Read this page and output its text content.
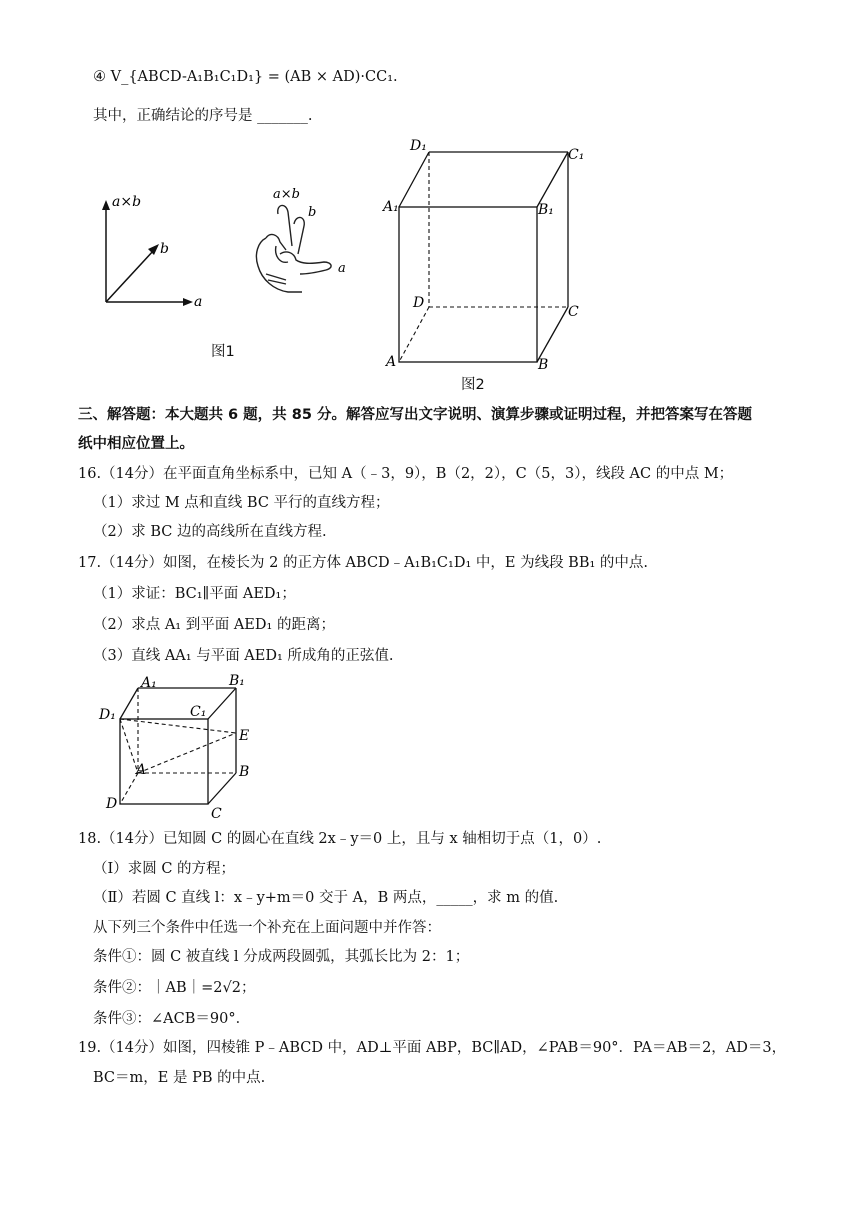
④ V_{ABCD-A₁B₁C₁D₁} = (AB × AD)·CC₁.
其中，正确结论的序号是 _______.
a×b
b
a
a×b
b
a
图1
D₁
C₁
A₁	B₁
D
C
A	B
图2
三、解答题：本大题共 6 题，共 85 分。解答应写出文字说明、演算步骤或证明过程，并把答案写在答题
纸中相应位置上。
16.（14分）在平面直角坐标系中，已知 A（﹣3，9），B（2，2），C（5，3），线段 AC 的中点 M；
（1）求过 M 点和直线 BC 平行的直线方程；
（2）求 BC 边的高线所在直线方程.
17.（14分）如图，在棱长为 2 的正方体 ABCD﹣A₁B₁C₁D₁ 中，E 为线段 BB₁ 的中点.
（1）求证：BC₁∥平面 AED₁；
（2）求点 A₁ 到平面 AED₁ 的距离；
（3）直线 AA₁ 与平面 AED₁ 所成角的正弦值.
A₁	B₁
D₁	C₁
E
A	B
D
C
18.（14分）已知圆 C 的圆心在直线 2x﹣y＝0 上，且与 x 轴相切于点（1，0）.
（Ⅰ）求圆 C 的方程；
（Ⅱ）若圆 C 直线 l：x﹣y+m＝0 交于 A，B 两点，_____，求 m 的值.
从下列三个条件中任选一个补充在上面问题中并作答：
条件①：圆 C 被直线 l 分成两段圆弧，其弧长比为 2：1；
条件②：｜AB｜=2√2；
条件③：∠ACB＝90°．
19.（14分）如图，四棱锥 P﹣ABCD 中，AD⊥平面 ABP，BC∥AD，∠PAB＝90°．PA＝AB＝2，AD＝3，
BC＝m，E 是 PB 的中点.
